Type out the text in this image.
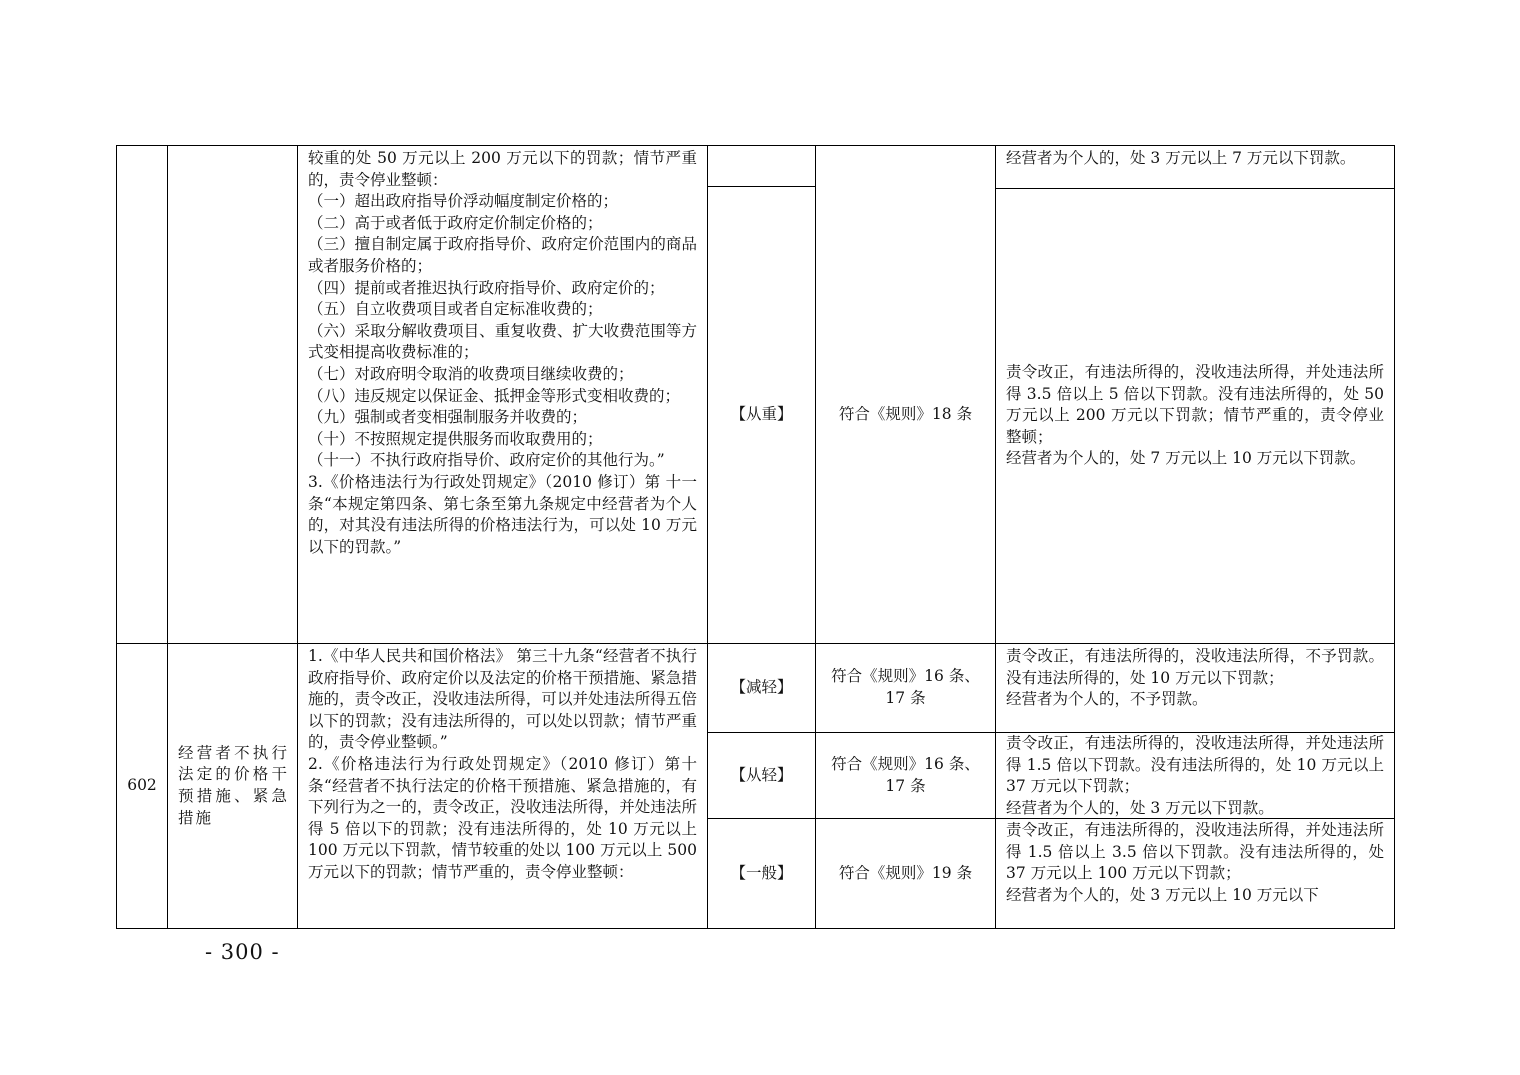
较重的处 50 万元以上 200 万元以下的罚款；情节严重的，责令停业整顿：

（一）超出政府指导价浮动幅度制定价格的；

（二）高于或者低于政府定价制定价格的；

（三）擅自制定属于政府指导价、政府定价范围内的商品或者服务价格的；

（四）提前或者推迟执行政府指导价、政府定价的；

（五）自立收费项目或者自定标准收费的；

（六）采取分解收费项目、重复收费、扩大收费范围等方式变相提高收费标准的；

（七）对政府明令取消的收费项目继续收费的；

（八）违反规定以保证金、抵押金等形式变相收费的；

（九）强制或者变相强制服务并收费的；

（十）不按照规定提供服务而收取费用的；

（十一）不执行政府指导价、政府定价的其他行为。”

3.《价格违法行为行政处罚规定》（2010 修订）第 十一条“本规定第四条、第七条至第九条规定中经营者为个人的，对其没有违法所得的价格违法行为，可以处 10 万元以下的罚款。”

经营者为个人的，处 3 万元以上 7 万元以下罚款。
【从重】	符合《规则》18 条
责令改正，有违法所得的，没收违法所得，并处违法所得 3.5 倍以上 5 倍以下罚款。没有违法所得的，处 50 万元以上 200 万元以下罚款；情节严重的，责令停业整顿；
经营者为个人的，处 7 万元以上 10 万元以下罚款。
602
经营者不执行法定的价格干预措施、紧急措施

1.《中华人民共和国价格法》 第三十九条“经营者不执行政府指导价、政府定价以及法定的价格干预措施、紧急措施的，责令改正，没收违法所得，可以并处违法所得五倍以下的罚款；没有违法所得的，可以处以罚款；情节严重的，责令停业整顿。”

2.《价格违法行为行政处罚规定》（2010 修订）第十条“经营者不执行法定的价格干预措施、紧急措施的，有下列行为之一的，责令改正，没收违法所得，并处违法所得 5 倍以下的罚款；没有违法所得的，处 10 万元以上 100 万元以下罚款，情节较重的处以 100 万元以上 500 万元以下的罚款；情节严重的，责令停业整顿：

【减轻】
符合《规则》16 条、17 条
责令改正，有违法所得的，没收违法所得，不予罚款。没有违法所得的，处 10 万元以下罚款；
经营者为个人的，不予罚款。
【从轻】
符合《规则》16 条、17 条
责令改正，有违法所得的，没收违法所得，并处违法所得 1.5 倍以下罚款。没有违法所得的，处 10 万元以上 37 万元以下罚款；
经营者为个人的，处 3 万元以下罚款。
【一般】	符合《规则》19 条
责令改正，有违法所得的，没收违法所得，并处违法所得 1.5 倍以上 3.5 倍以下罚款。没有违法所得的，处 37 万元以上 100 万元以下罚款；
经营者为个人的，处 3 万元以上 10 万元以下
- 300 -
